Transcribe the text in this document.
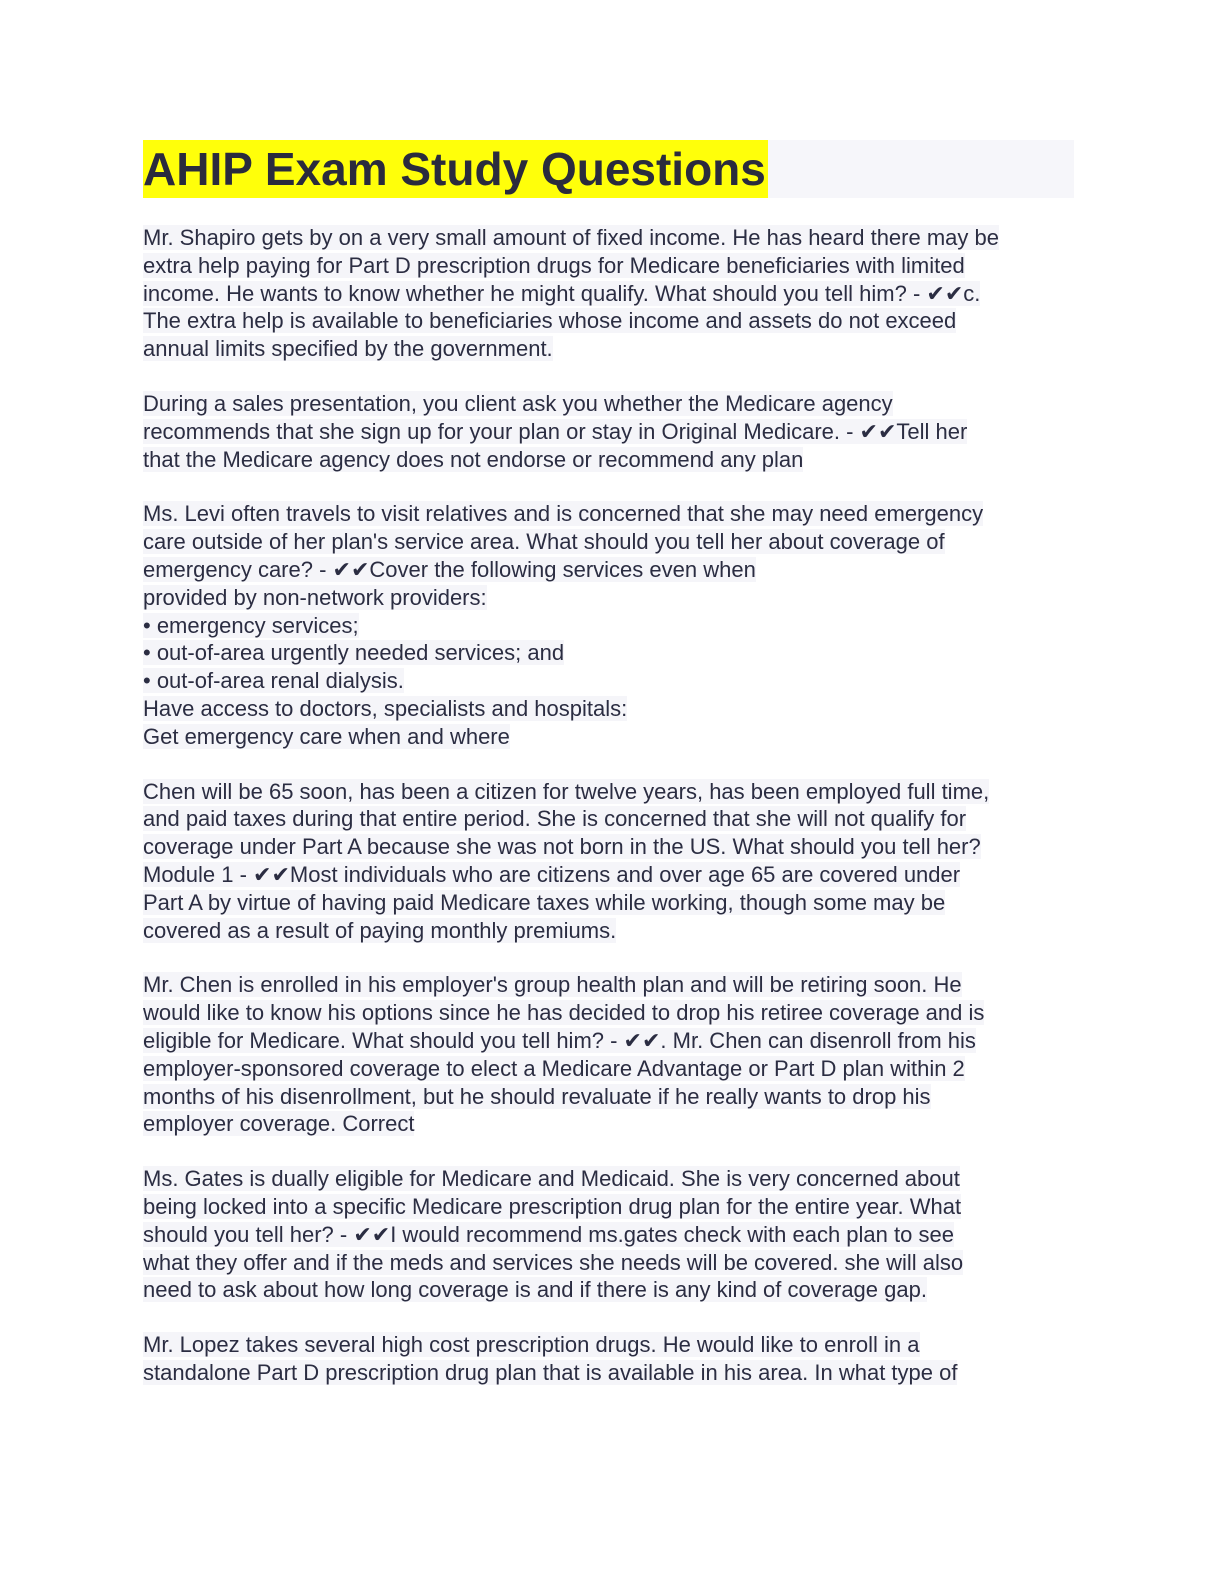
AHIP Exam Study Questions
Mr. Shapiro gets by on a very small amount of fixed income. He has heard there may be
extra help paying for Part D prescription drugs for Medicare beneficiaries with limited
income. He wants to know whether he might qualify. What should you tell him? - ✔✔c.
The extra help is available to beneficiaries whose income and assets do not exceed
annual limits specified by the government.
During a sales presentation, you client ask you whether the Medicare agency
recommends that she sign up for your plan or stay in Original Medicare. - ✔✔Tell her
that the Medicare agency does not endorse or recommend any plan
Ms. Levi often travels to visit relatives and is concerned that she may need emergency
care outside of her plan's service area. What should you tell her about coverage of
emergency care? - ✔✔Cover the following services even when
provided by non-network providers:
• emergency services;
• out-of-area urgently needed services; and
• out-of-area renal dialysis.
Have access to doctors, specialists and hospitals:
Get emergency care when and where
Chen will be 65 soon, has been a citizen for twelve years, has been employed full time,
and paid taxes during that entire period. She is concerned that she will not qualify for
coverage under Part A because she was not born in the US. What should you tell her?
Module 1 - ✔✔Most individuals who are citizens and over age 65 are covered under
Part A by virtue of having paid Medicare taxes while working, though some may be
covered as a result of paying monthly premiums.
Mr. Chen is enrolled in his employer's group health plan and will be retiring soon. He
would like to know his options since he has decided to drop his retiree coverage and is
eligible for Medicare. What should you tell him? - ✔✔. Mr. Chen can disenroll from his
employer-sponsored coverage to elect a Medicare Advantage or Part D plan within 2
months of his disenrollment, but he should revaluate if he really wants to drop his
employer coverage. Correct
Ms. Gates is dually eligible for Medicare and Medicaid. She is very concerned about
being locked into a specific Medicare prescription drug plan for the entire year. What
should you tell her? - ✔✔I would recommend ms.gates check with each plan to see
what they offer and if the meds and services she needs will be covered. she will also
need to ask about how long coverage is and if there is any kind of coverage gap.
Mr. Lopez takes several high cost prescription drugs. He would like to enroll in a
standalone Part D prescription drug plan that is available in his area. In what type of
